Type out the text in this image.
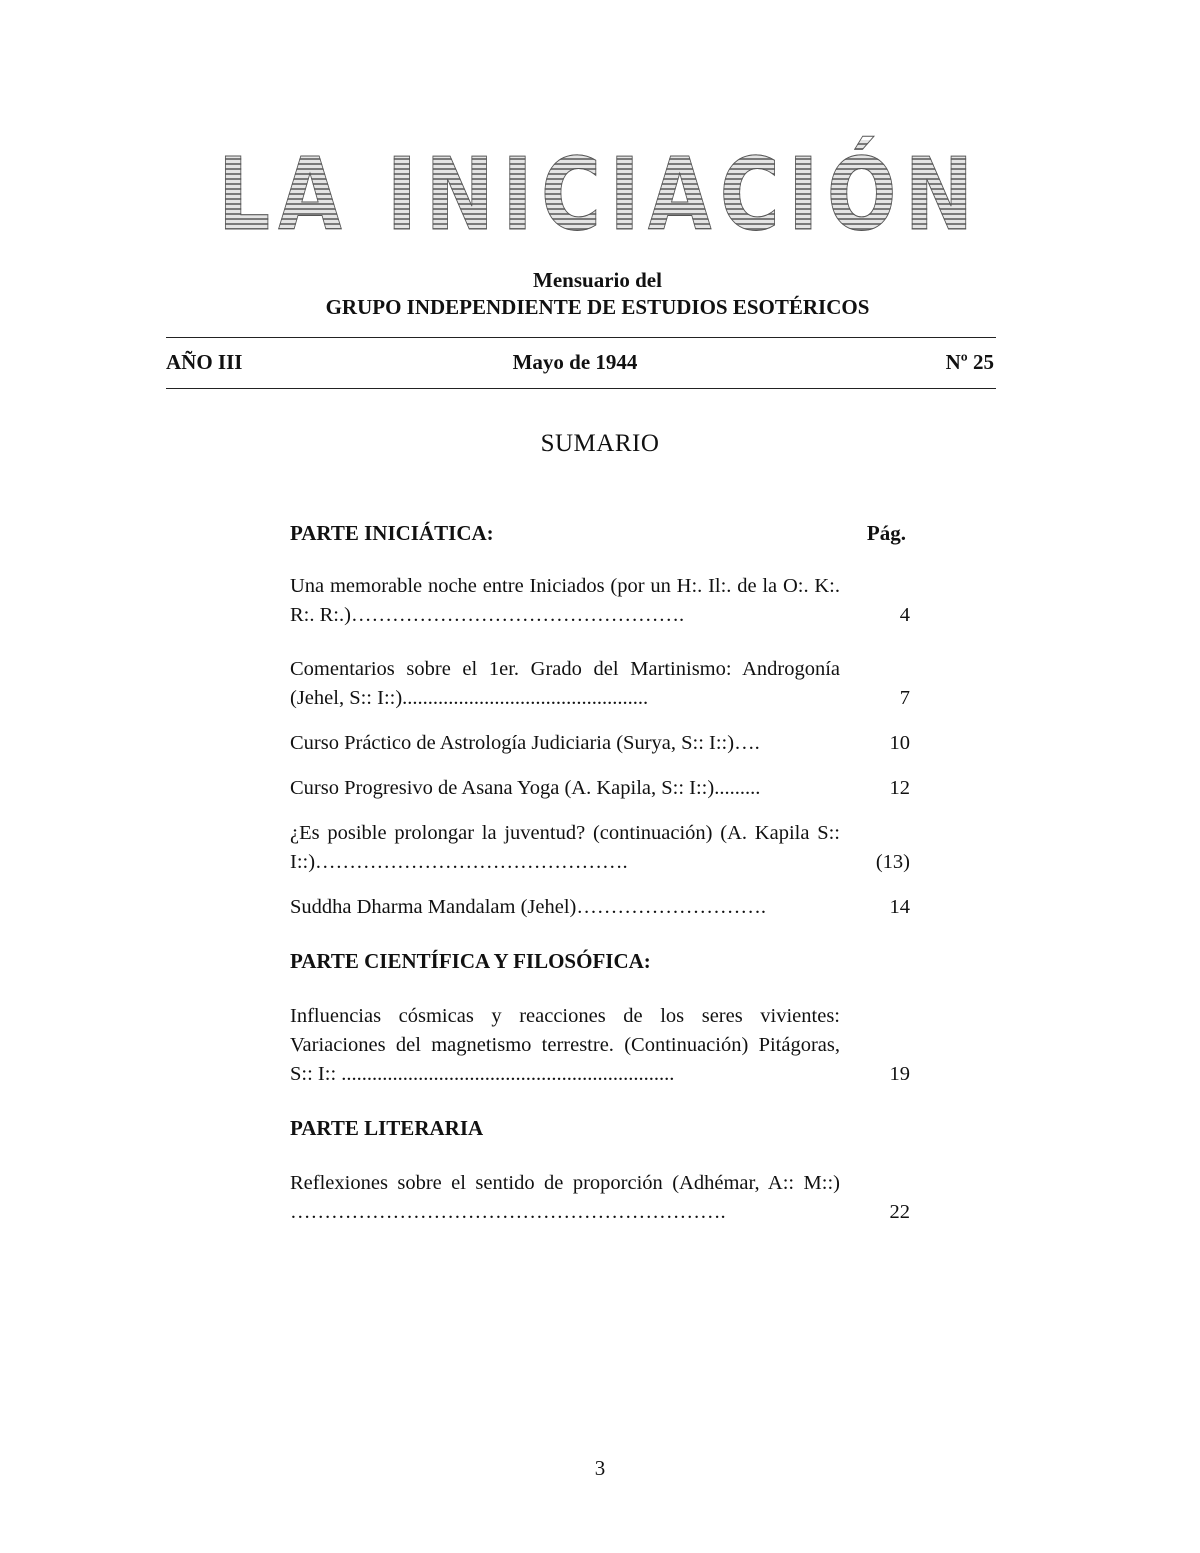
LA INICIACIÓN
Mensuario del
GRUPO INDEPENDIENTE DE ESTUDIOS ESOTÉRICOS
AÑO III	Mayo de 1944	Nº 25
SUMARIO
PARTE INICIÁTICA:	Pág.
Una memorable noche entre Iniciados (por un H:. Il:. de la O:. K:. R:. R:.)………………………………………….	4
Comentarios sobre el 1er. Grado del Martinismo: Androgonía (Jehel, S:: I::)................................................	7
Curso Práctico de Astrología Judiciaria (Surya, S:: I::)….	10
Curso Progresivo de Asana Yoga (A. Kapila, S:: I::).........	12
¿Es posible prolongar la juventud? (continuación) (A. Kapila S:: I::)……………………………………….	(13)
Suddha Dharma Mandalam (Jehel)……………………….	14
PARTE CIENTÍFICA Y FILOSÓFICA:
Influencias cósmicas y reacciones de los seres vivientes: Variaciones del magnetismo terrestre. (Continuación) Pitágoras, S:: I:: .................................................................	19
PARTE LITERARIA
Reflexiones sobre el sentido de proporción (Adhémar, A:: M::) ……………………………………………………….	22
3
